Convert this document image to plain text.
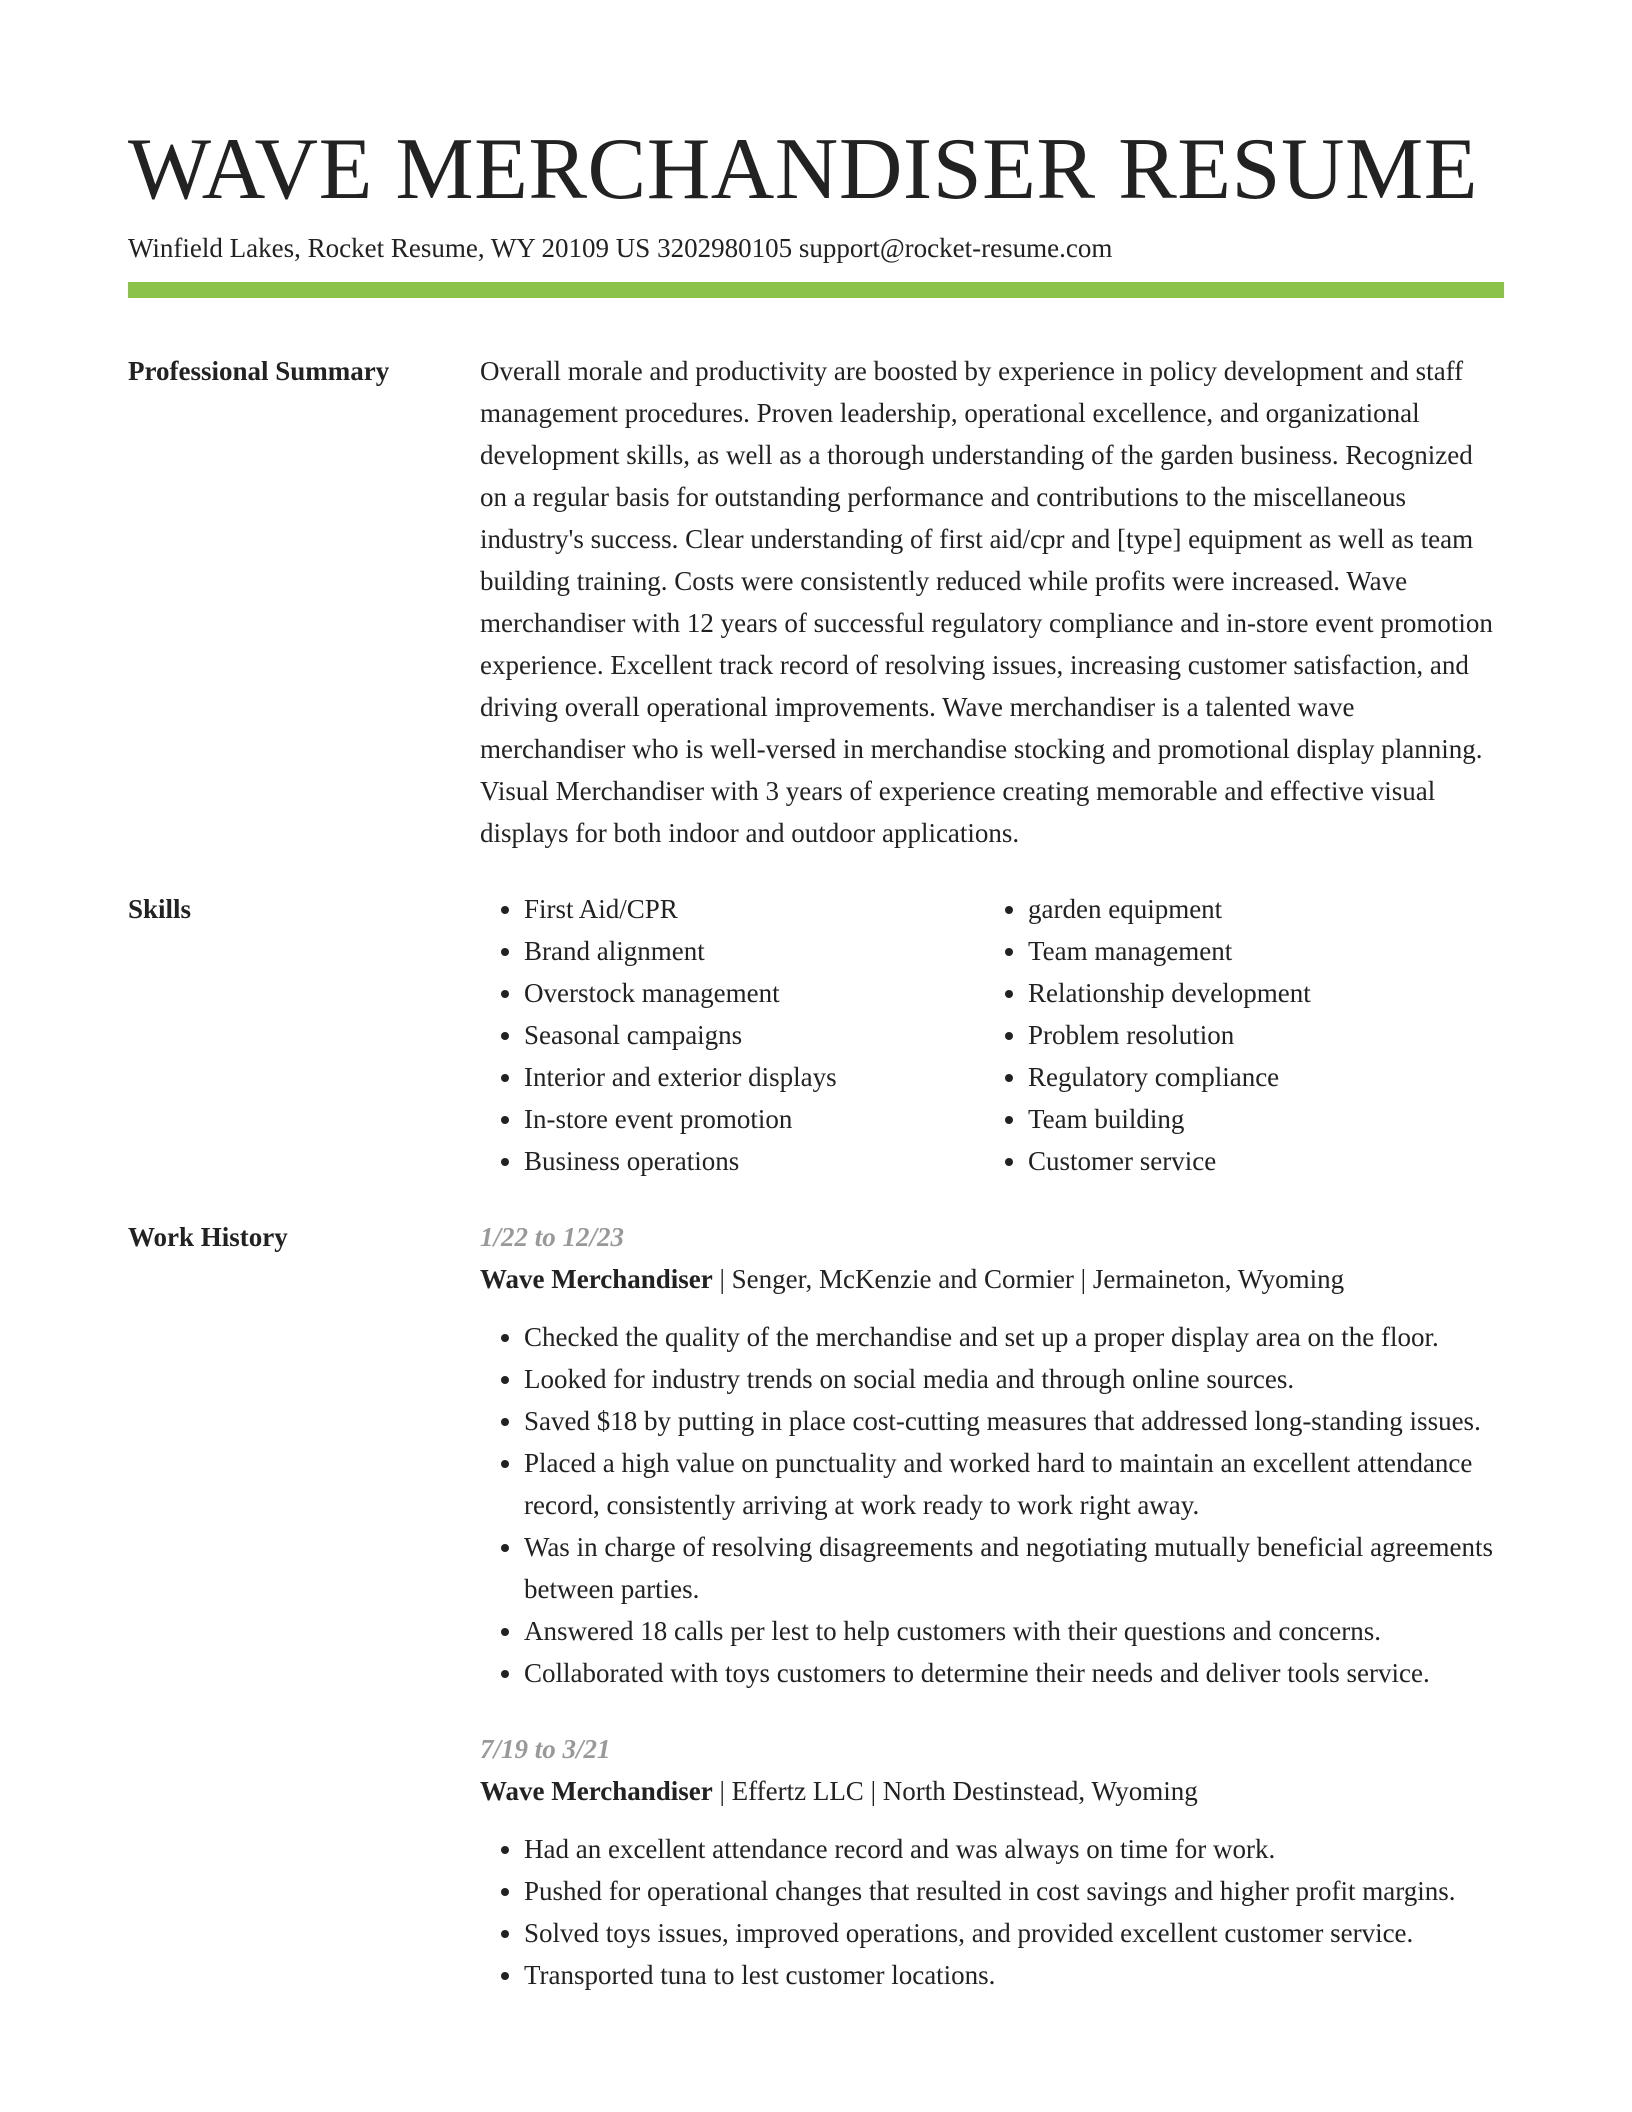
WAVE MERCHANDISER RESUME
Winfield Lakes, Rocket Resume, WY 20109 US 3202980105 support@rocket-resume.com
Professional Summary	Overall morale and productivity are boosted by experience in policy development and staff management procedures. Proven leadership, operational excellence, and organizational development skills, as well as a thorough understanding of the garden business. Recognized on a regular basis for outstanding performance and contributions to the miscellaneous industry's success. Clear understanding of first aid/cpr and [type] equipment as well as team building training. Costs were consistently reduced while profits were increased. Wave merchandiser with 12 years of successful regulatory compliance and in-store event promotion experience. Excellent track record of resolving issues, increasing customer satisfaction, and driving overall operational improvements. Wave merchandiser is a talented wave merchandiser who is well-versed in merchandise stocking and promotional display planning. Visual Merchandiser with 3 years of experience creating memorable and effective visual displays for both indoor and outdoor applications.

Skills
•	First Aid/CPR
• Brand alignment
• Overstock management
• Seasonal campaigns
• Interior and exterior displays
• In-store event promotion
• Business operations
• garden equipment
• Team management
• Relationship development
• Problem resolution
• Regulatory compliance
• Team building
• Customer service
Work History	1/22 to 12/23
Wave Merchandiser | Senger, McKenzie and Cormier | Jermaineton, Wyoming
• Checked the quality of the merchandise and set up a proper display area on the floor.
• Looked for industry trends on social media and through online sources.
• Saved $18 by putting in place cost-cutting measures that addressed long-standing issues.
• Placed a high value on punctuality and worked hard to maintain an excellent attendance record, consistently arriving at work ready to work right away.
• Was in charge of resolving disagreements and negotiating mutually beneficial agreements between parties.
• Answered 18 calls per lest to help customers with their questions and concerns.
• Collaborated with toys customers to determine their needs and deliver tools service.
7/19 to 3/21
Wave Merchandiser | Effertz LLC | North Destinstead, Wyoming
• Had an excellent attendance record and was always on time for work.
• Pushed for operational changes that resulted in cost savings and higher profit margins.
• Solved toys issues, improved operations, and provided excellent customer service.
• Transported tuna to lest customer locations.
